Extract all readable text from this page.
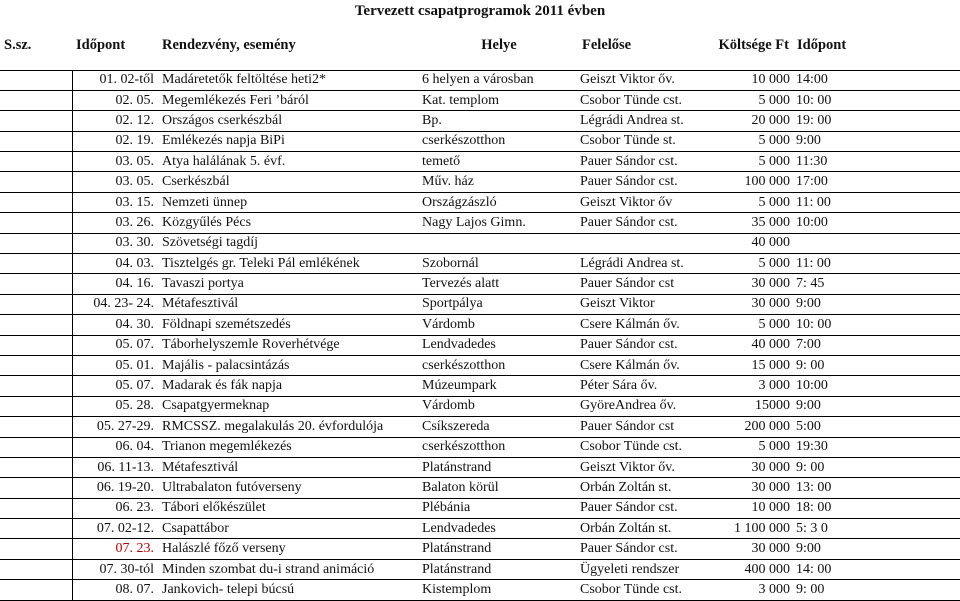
Tervezett csapatprogramok 2011 évben
S.sz.	Időpont	Rendezvény, esemény	Helye	Felelőse	Költsége Ft	Időpont
	01. 02-től	Madáretetők feltöltése heti2*	6 helyen a városban	Geiszt Viktor őv.	10 000	14:00
	02. 05.	Megemlékezés Feri ’báról	Kat. templom	Csobor Tünde cst.	5 000	10: 00
	02. 12.	Országos cserkészbál	Bp.	Légrádi Andrea st.	20 000	19: 00
	02. 19.	Emlékezés napja BiPi	cserkészotthon	Csobor Tünde st.	5 000	9:00
	03. 05.	Atya halálának 5. évf.	temető	Pauer Sándor cst.	5 000	11:30
	03. 05.	Cserkészbál	Műv. ház	Pauer Sándor cst.	100 000	17:00
	03. 15.	Nemzeti ünnep	Országzászló	Geiszt Viktor őv	5 000	11: 00
	03. 26.	Közgyűlés Pécs	Nagy Lajos Gimn.	Pauer Sándor cst.	35 000	10:00
	03. 30.	Szövetségi tagdíj			40 000	
	04. 03.	Tisztelgés gr. Teleki Pál emlékének	Szobornál	Légrádi Andrea st.	5 000	11: 00
	04. 16.	Tavaszi portya	Tervezés alatt	Pauer Sándor cst	30 000	7: 45
	04. 23- 24.	Métafesztivál	Sportpálya	Geiszt Viktor	30 000	9:00
	04. 30.	Földnapi szemétszedés	Várdomb	Csere Kálmán őv.	5 000	10: 00
	05. 07.	Táborhelyszemle Roverhétvége	Lendvadedes	Pauer Sándor cst.	40 000	7:00
	05. 01.	Majális - palacsintázás	cserkészotthon	Csere Kálmán őv.	15 000	9: 00
	05. 07.	Madarak és fák napja	Múzeumpark	Péter Sára őv.	3 000	10:00
	05. 28.	Csapatgyermeknap	Várdomb	GyöreAndrea őv.	15000	9:00
	05. 27-29.	RMCSSZ. megalakulás 20. évfordulója	Csíkszereda	Pauer Sándor cst	200 000	5:00
	06. 04.	Trianon megemlékezés	cserkészotthon	Csobor Tünde cst.	5 000	19:30
	06. 11-13.	Métafesztivál	Platánstrand	Geiszt Viktor őv.	30 000	9: 00
	06. 19-20.	Ultrabalaton futóverseny	Balaton körül	Orbán Zoltán st.	30 000	13: 00
	06. 23.	Tábori előkészület	Plébánia	Pauer Sándor cst.	10 000	18: 00
	07. 02-12.	Csapattábor	Lendvadedes	Orbán Zoltán st.	1 100 000	5: 3 0
	07. 23.	Halászlé főző verseny	Platánstrand	Pauer Sándor cst.	30 000	9:00
	07. 30-tól	Minden szombat du-i strand animáció	Platánstrand	Ügyeleti rendszer	400 000	14: 00
	08. 07.	Jankovich- telepi búcsú	Kistemplom	Csobor Tünde cst.	3 000	9: 00
